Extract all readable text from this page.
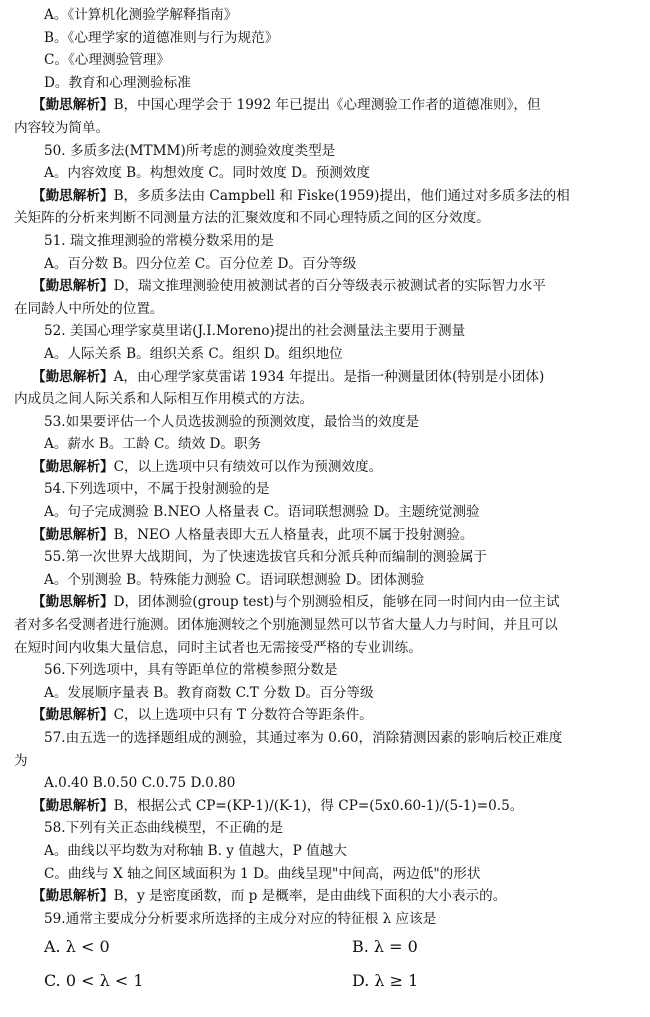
A。《计算机化测验学解释指南》
B。《心理学家的道德准则与行为规范》
C。《心理测验管理》
D。教育和心理测验标准
【勤思解析】B，中国心理学会于 1992 年已提出《心理测验工作者的道德准则》，但
内容较为简单。
50. 多质多法(MTMM)所考虑的测验效度类型是
A。内容效度 B。构想效度 C。同时效度 D。预测效度
【勤思解析】B，多质多法由 Campbell 和 Fiske(1959)提出，他们通过对多质多法的相
关矩阵的分析来判断不同测量方法的汇聚效度和不同心理特质之间的区分效度。
51. 瑞文推理测验的常模分数采用的是
A。百分数 B。四分位差 C。百分位差 D。百分等级
【勤思解析】D，瑞文推理测验使用被测试者的百分等级表示被测试者的实际智力水平
在同龄人中所处的位置。
52. 美国心理学家莫里诺(J.I.Moreno)提出的社会测量法主要用于测量
A。人际关系 B。组织关系 C。组织 D。组织地位
【勤思解析】A，由心理学家莫雷诺 1934 年提出。是指一种测量团体(特别是小团体)
内成员之间人际关系和人际相互作用模式的方法。
53.如果要评估一个人员选拔测验的预测效度，最恰当的效度是
A。薪水 B。工龄 C。绩效 D。职务
【勤思解析】C，以上选项中只有绩效可以作为预测效度。
54.下列选项中，不属于投射测验的是
A。句子完成测验 B.NEO 人格量表 C。语词联想测验 D。主题统觉测验
【勤思解析】B，NEO 人格量表即大五人格量表，此项不属于投射测验。
55.第一次世界大战期间，为了快速选拔官兵和分派兵种而编制的测验属于
A。个别测验 B。特殊能力测验 C。语词联想测验 D。团体测验
【勤思解析】D，团体测验(group test)与个别测验相反，能够在同一时间内由一位主试
者对多名受测者进行施测。团体施测较之个别施测显然可以节省大量人力与时间，并且可以
在短时间内收集大量信息，同时主试者也无需接受严格的专业训练。
56.下列选项中，具有等距单位的常模参照分数是
A。发展顺序量表 B。教育商数 C.T 分数 D。百分等级
【勤思解析】C，以上选项中只有 T 分数符合等距条件。
57.由五选一的选择题组成的测验，其通过率为 0.60，消除猜测因素的影响后校正难度
为
A.0.40 B.0.50 C.0.75 D.0.80
【勤思解析】B，根据公式 CP=(KP-1)/(K-1)，得 CP=(5x0.60-1)/(5-1)=0.5。
58.下列有关正态曲线模型，不正确的是
A。曲线以平均数为对称轴 B. y 值越大，P 值越大
C。曲线与 X 轴之间区域面积为 1 D。曲线呈现"中间高，两边低"的形状
【勤思解析】B，y 是密度函数，而 p 是概率，是由曲线下面积的大小表示的。
59.通常主要成分分析要求所选择的主成分对应的特征根 λ 应该是
A. λ < 0	B. λ = 0
C. 0 < λ < 1	D. λ ≥ 1
